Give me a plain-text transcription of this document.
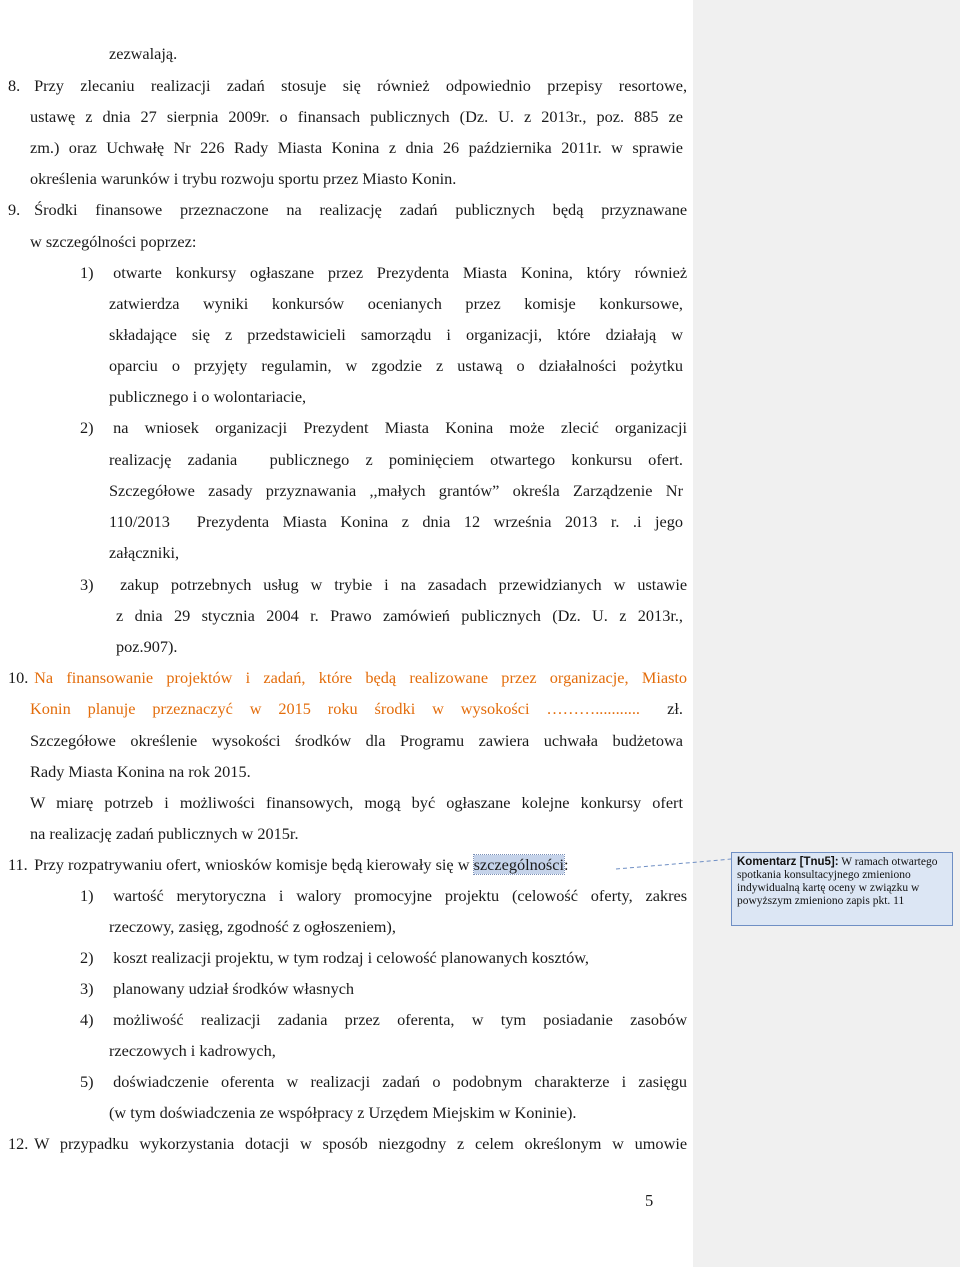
zezwalają.
8. Przy zlecaniu realizacji zadań stosuje się również odpowiednio przepisy resortowe,
ustawę z dnia 27 sierpnia 2009r. o finansach publicznych (Dz. U. z 2013r., poz. 885 ze
zm.) oraz Uchwałę Nr 226 Rady Miasta Konina z dnia 26 października 2011r. w sprawie
określenia warunków i trybu rozwoju sportu przez Miasto Konin.
9. Środki finansowe przeznaczone na realizację zadań publicznych będą przyznawane
w szczególności poprzez:
1) otwarte konkursy ogłaszane przez Prezydenta Miasta Konina, który również
zatwierdza wyniki konkursów ocenianych przez komisje konkursowe,
składające się z przedstawicieli samorządu i organizacji, które działają w
oparciu o przyjęty regulamin, w zgodzie z ustawą o działalności pożytku
publicznego i o wolontariacie,
2) na wniosek organizacji Prezydent Miasta Konina może zlecić organizacji
realizację zadania  publicznego z pominięciem otwartego konkursu ofert.
Szczegółowe zasady przyznawania ,,małych grantów” określa Zarządzenie Nr
110/2013  Prezydenta Miasta Konina z dnia 12 września 2013 r. .i jego
załączniki,
3) zakup potrzebnych usług w trybie i na zasadach przewidzianych w ustawie
z dnia 29 stycznia 2004 r. Prawo zamówień publicznych (Dz. U. z 2013r.,
poz.907).
10. Na finansowanie projektów i zadań, które będą realizowane przez organizacje, Miasto
Konin planuje przeznaczyć w 2015 roku środki w wysokości ………........... zł.
Szczegółowe określenie wysokości środków dla Programu zawiera uchwała budżetowa
Rady Miasta Konina na rok 2015.
W miarę potrzeb i możliwości finansowych, mogą być ogłaszane kolejne konkursy ofert
na realizację zadań publicznych w 2015r.
11. Przy rozpatrywaniu ofert, wniosków komisje będą kierowały się w szczególności:
1) wartość merytoryczna i walory promocyjne projektu (celowość oferty, zakres
rzeczowy, zasięg, zgodność z ogłoszeniem),
2) koszt realizacji projektu, w tym rodzaj i celowość planowanych kosztów,
3) planowany udział środków własnych
4) możliwość realizacji zadania przez oferenta, w tym posiadanie zasobów
rzeczowych i kadrowych,
5) doświadczenie oferenta w realizacji zadań o podobnym charakterze i zasięgu
(w tym doświadczenia ze współpracy z Urzędem Miejskim w Koninie).
12. W przypadku wykorzystania dotacji w sposób niezgodny z celem określonym w umowie
5
Komentarz [Tnu5]: W ramach otwartego spotkania konsultacyjnego zmieniono indywidualną kartę oceny w związku w powyższym zmieniono zapis pkt. 11
